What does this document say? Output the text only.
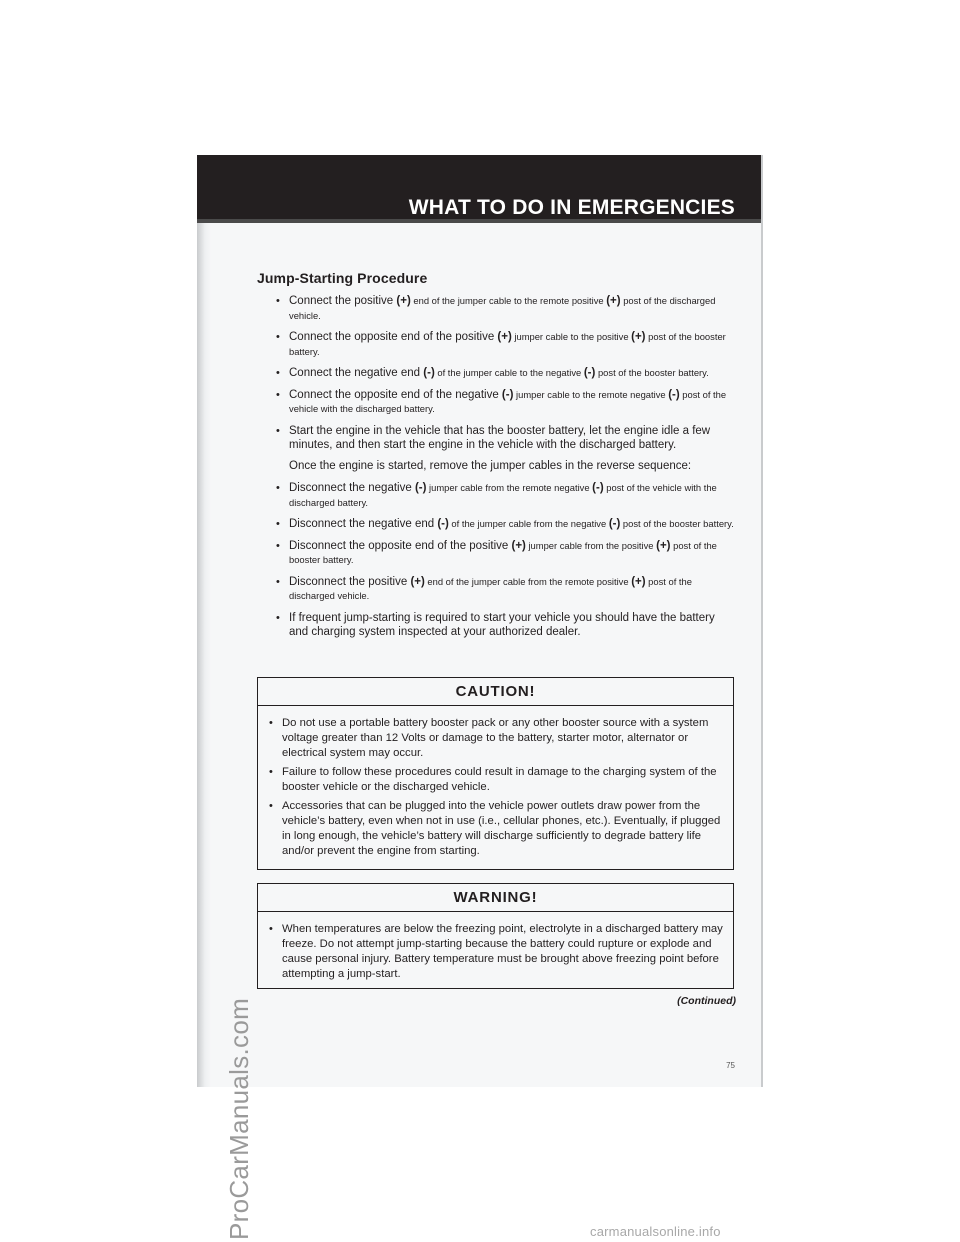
WHAT TO DO IN EMERGENCIES
Jump-Starting Procedure
• Connect the positive (+) end of the jumper cable to the remote positive (+) post of the discharged vehicle.
• Connect the opposite end of the positive (+) jumper cable to the positive (+) post of the booster battery.
• Connect the negative end (-) of the jumper cable to the negative (-) post of the booster battery.
• Connect the opposite end of the negative (-) jumper cable to the remote negative (-) post of the vehicle with the discharged battery.
• Start the engine in the vehicle that has the booster battery, let the engine idle a few minutes, and then start the engine in the vehicle with the discharged battery.
Once the engine is started, remove the jumper cables in the reverse sequence:
• Disconnect the negative (-) jumper cable from the remote negative (-) post of the vehicle with the discharged battery.
• Disconnect the negative end (-) of the jumper cable from the negative (-) post of the booster battery.
• Disconnect the opposite end of the positive (+) jumper cable from the positive (+) post of the booster battery.
• Disconnect the positive (+) end of the jumper cable from the remote positive (+) post of the discharged vehicle.
• If frequent jump-starting is required to start your vehicle you should have the battery and charging system inspected at your authorized dealer.
CAUTION!
• Do not use a portable battery booster pack or any other booster source with a system voltage greater than 12 Volts or damage to the battery, starter motor, alternator or electrical system may occur.
• Failure to follow these procedures could result in damage to the charging system of the booster vehicle or the discharged vehicle.
• Accessories that can be plugged into the vehicle power outlets draw power from the vehicle’s battery, even when not in use (i.e., cellular phones, etc.). Eventually, if plugged in long enough, the vehicle’s battery will discharge sufficiently to degrade battery life and/or prevent the engine from starting.
WARNING!
• When temperatures are below the freezing point, electrolyte in a discharged battery may freeze. Do not attempt jump-starting because the battery could rupture or explode and cause personal injury. Battery temperature must be brought above freezing point before attempting a jump-start.
(Continued)
75
ProCarManuals.com	carmanualsonline.info
